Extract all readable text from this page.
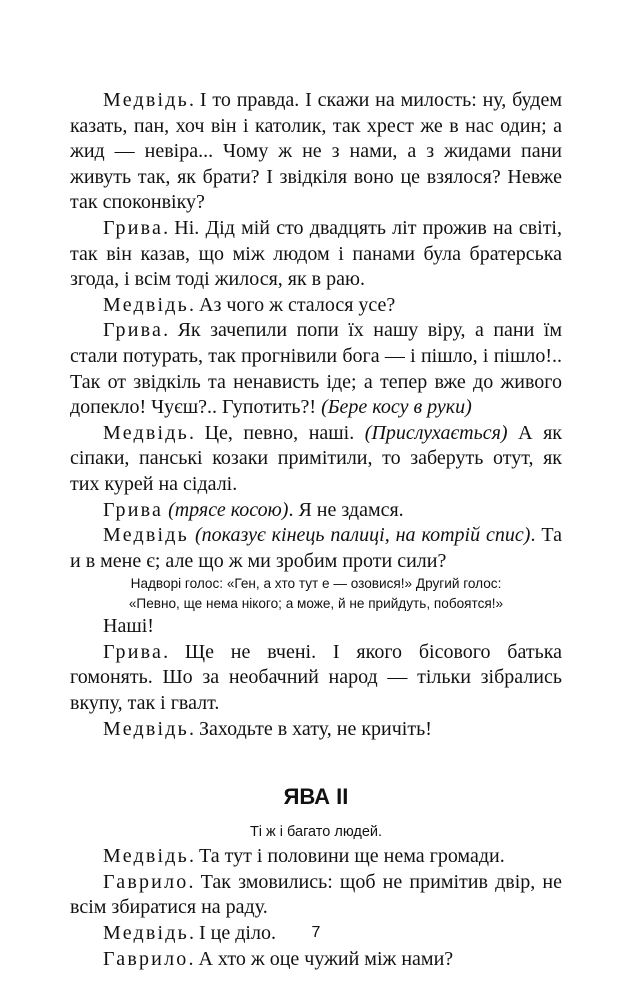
Медвідь. І то правда. І скажи на милость: ну, будем казать, пан, хоч він і католик, так хрест же в нас один; а жид — невіра... Чому ж не з нами, а з жидами пани живуть так, як брати? І звідкіля воно це взялося? Невже так споконвіку?

Грива. Ні. Дід мій сто двадцять літ прожив на світі, так він казав, що між людом і панами була братерська згода, і всім тоді жилося, як в раю.

Медвідь. Аз чого ж сталося усе?

Грива. Як зачепили попи їх нашу віру, а пани їм стали потурать, так прогнівили бога — і пішло, і пішло!.. Так от звідкіль та ненависть іде; а тепер вже до живого допекло! Чуєш?.. Гупотить?! (Бере косу в руки)

Медвідь. Це, певно, наші. (Прислухається) А як сіпаки, панські козаки примітили, то заберуть отут, як тих курей на сідалі.

Грива (трясе косою). Я не здамся.

Медвідь (показує кінець палиці, на котрій спис). Та и в мене є; але що ж ми зробим проти сили?

Надворі голос: «Ген, а хто тут е — озовися!» Другий голос:

«Певно, ще нема нікого; а може, й не прийдуть, побоятся!»

Наші!

Грива. Ще не вчені. І якого бісового батька гомонять. Шо за необачний народ — тільки зібрались вкупу, так і гвалт.

Медвідь. Заходьте в хату, не кричіть!

ЯВА II

Ті ж і багато людей.

Медвідь. Та тут і половини ще нема громади.

Гаврило. Так змовились: щоб не примітив двір, не всім збиратися на раду.

Медвідь. І це діло.

Гаврило. А хто ж оце чужий між нами?

7
